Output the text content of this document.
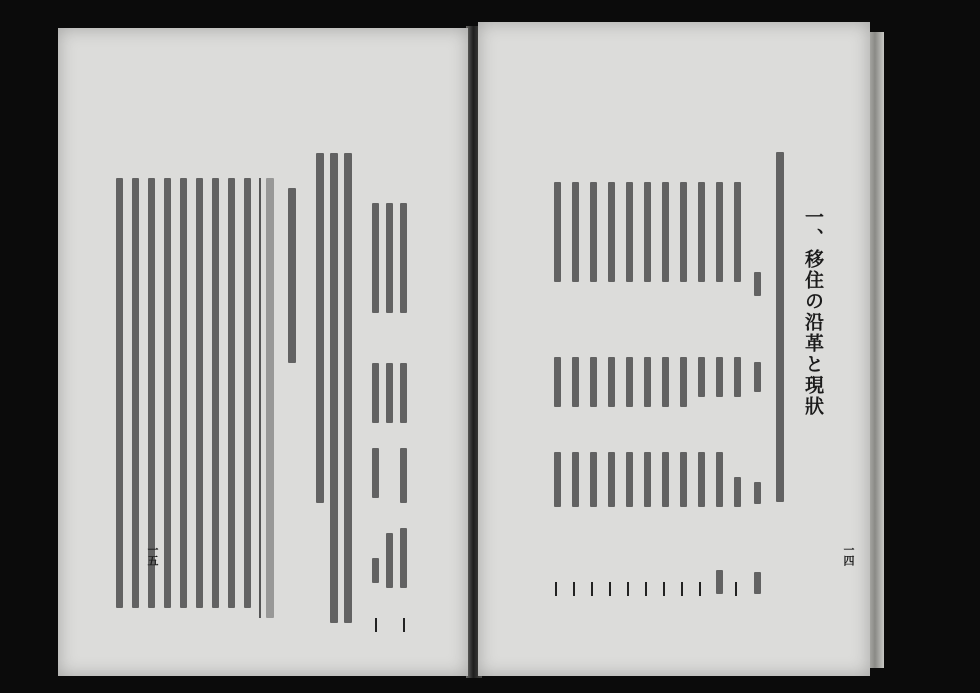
一五
一、移住の沿革と現狀
一四
